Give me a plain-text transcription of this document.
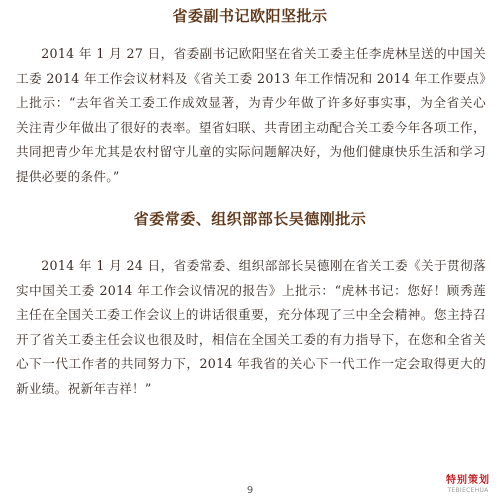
省委副书记欧阳坚批示

2014 年 1 月 27 日，省委副书记欧阳坚在省关工委主任李虎林呈送的中国关工委 2014 年工作会议材料及《省关工委 2013 年工作情况和 2014 年工作要点》上批示：“去年省关工委工作成效显著，为青少年做了许多好事实事，为全省关心关注青少年做出了很好的表率。望省妇联、共青团主动配合关工委今年各项工作，共同把青少年尤其是农村留守儿童的实际问题解决好，为他们健康快乐生活和学习提供必要的条件。”

省委常委、组织部部长吴德刚批示

2014 年 1 月 24 日，省委常委、组织部部长吴德刚在省关工委《关于贯彻落实中国关工委 2014 年工作会议情况的报告》上批示：“虎林书记：您好！顾秀莲主任在全国关工委工作会议上的讲话很重要，充分体现了三中全会精神。您主持召开了省关工委主任会议也很及时，相信在全国关工委的有力指导下，在您和全省关心下一代工作者的共同努力下，2014 年我省的关心下一代工作一定会取得更大的新业绩。祝新年吉祥！”

9
特别策划
TEBIECEHUA
